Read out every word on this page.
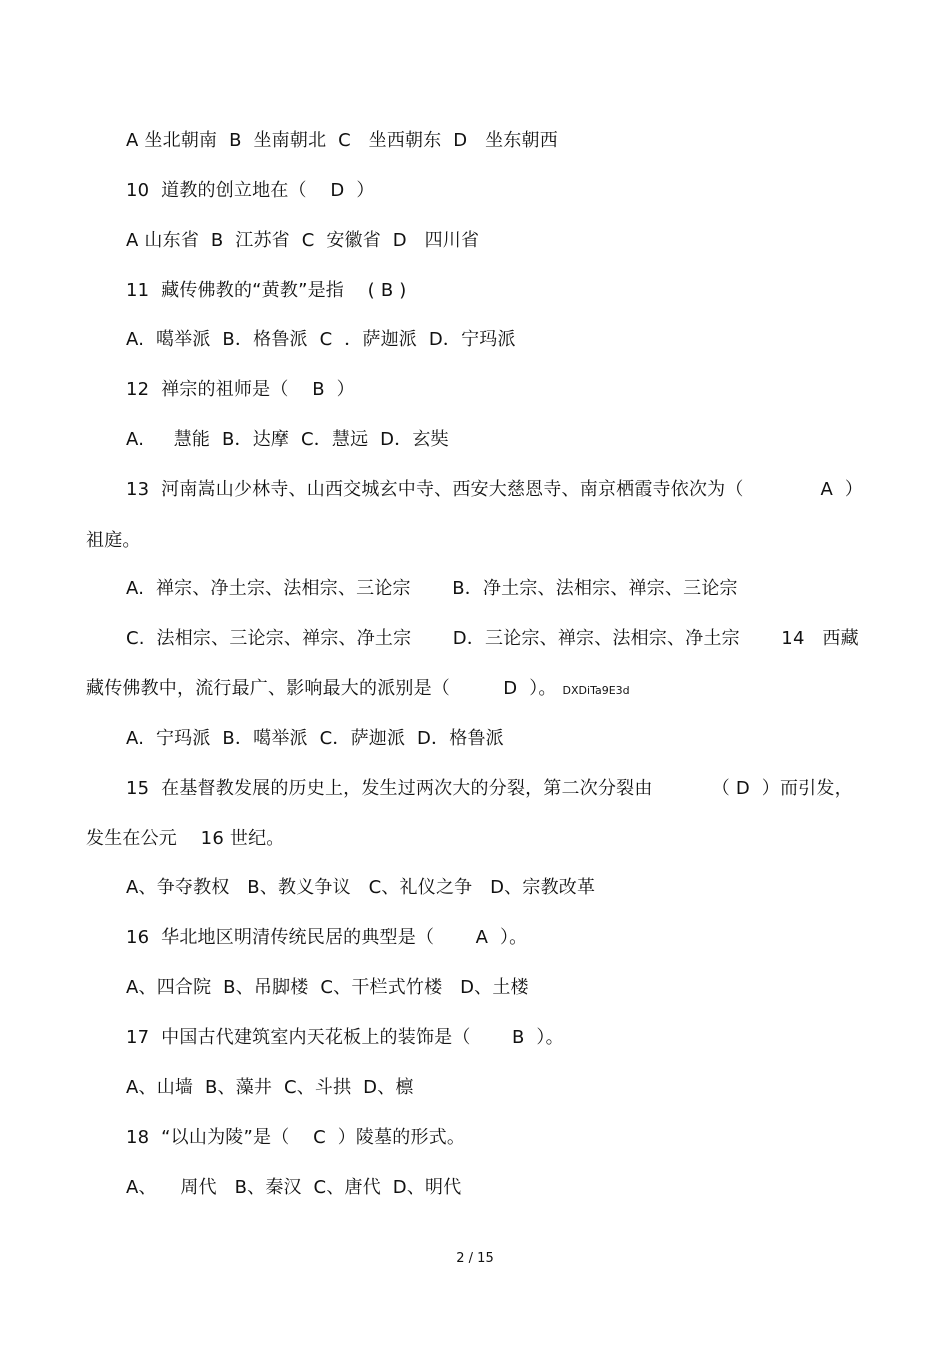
A 坐北朝南  B  坐南朝北  C   坐西朝东  D   坐东朝西
10  道教的创立地在（    D  ）
A 山东省  B  江苏省  C  安徽省  D   四川省
11  藏传佛教的“黄教”是指    ( B )
A.  噶举派  B．格鲁派  C  ．萨迦派  D．宁玛派
12  禅宗的祖师是（    B  ）
A.     慧能  B．达摩  C．慧远  D．玄奘
13  河南嵩山少林寺、山西交城玄中寺、西安大慈恩寺、南京栖霞寺依次为（             A  ）
祖庭。
A.  禅宗、净土宗、法相宗、三论宗       B．净土宗、法相宗、禅宗、三论宗
C.  法相宗、三论宗、禅宗、净土宗       D．三论宗、禅宗、法相宗、净土宗       14   西藏
藏传佛教中，流行最广、影响最大的派别是（         D  ）。 DXDiTa9E3d
A.  宁玛派  B．噶举派  C．萨迦派  D．格鲁派
15  在基督教发展的历史上，发生过两次大的分裂，第二次分裂由          （ D  ）而引发，
发生在公元    16 世纪。
A、争夺教权   B、教义争议   C、礼仪之争   D、宗教改革
16  华北地区明清传统民居的典型是（       A  ）。
A、四合院  B、吊脚楼  C、干栏式竹楼   D、土楼
17  中国古代建筑室内天花板上的装饰是（       B  ）。
A、山墙  B、藻井  C、斗拱  D、檩
18  “以山为陵”是（    C  ）陵墓的形式。
A、    周代   B、秦汉  C、唐代  D、明代
2 / 15
